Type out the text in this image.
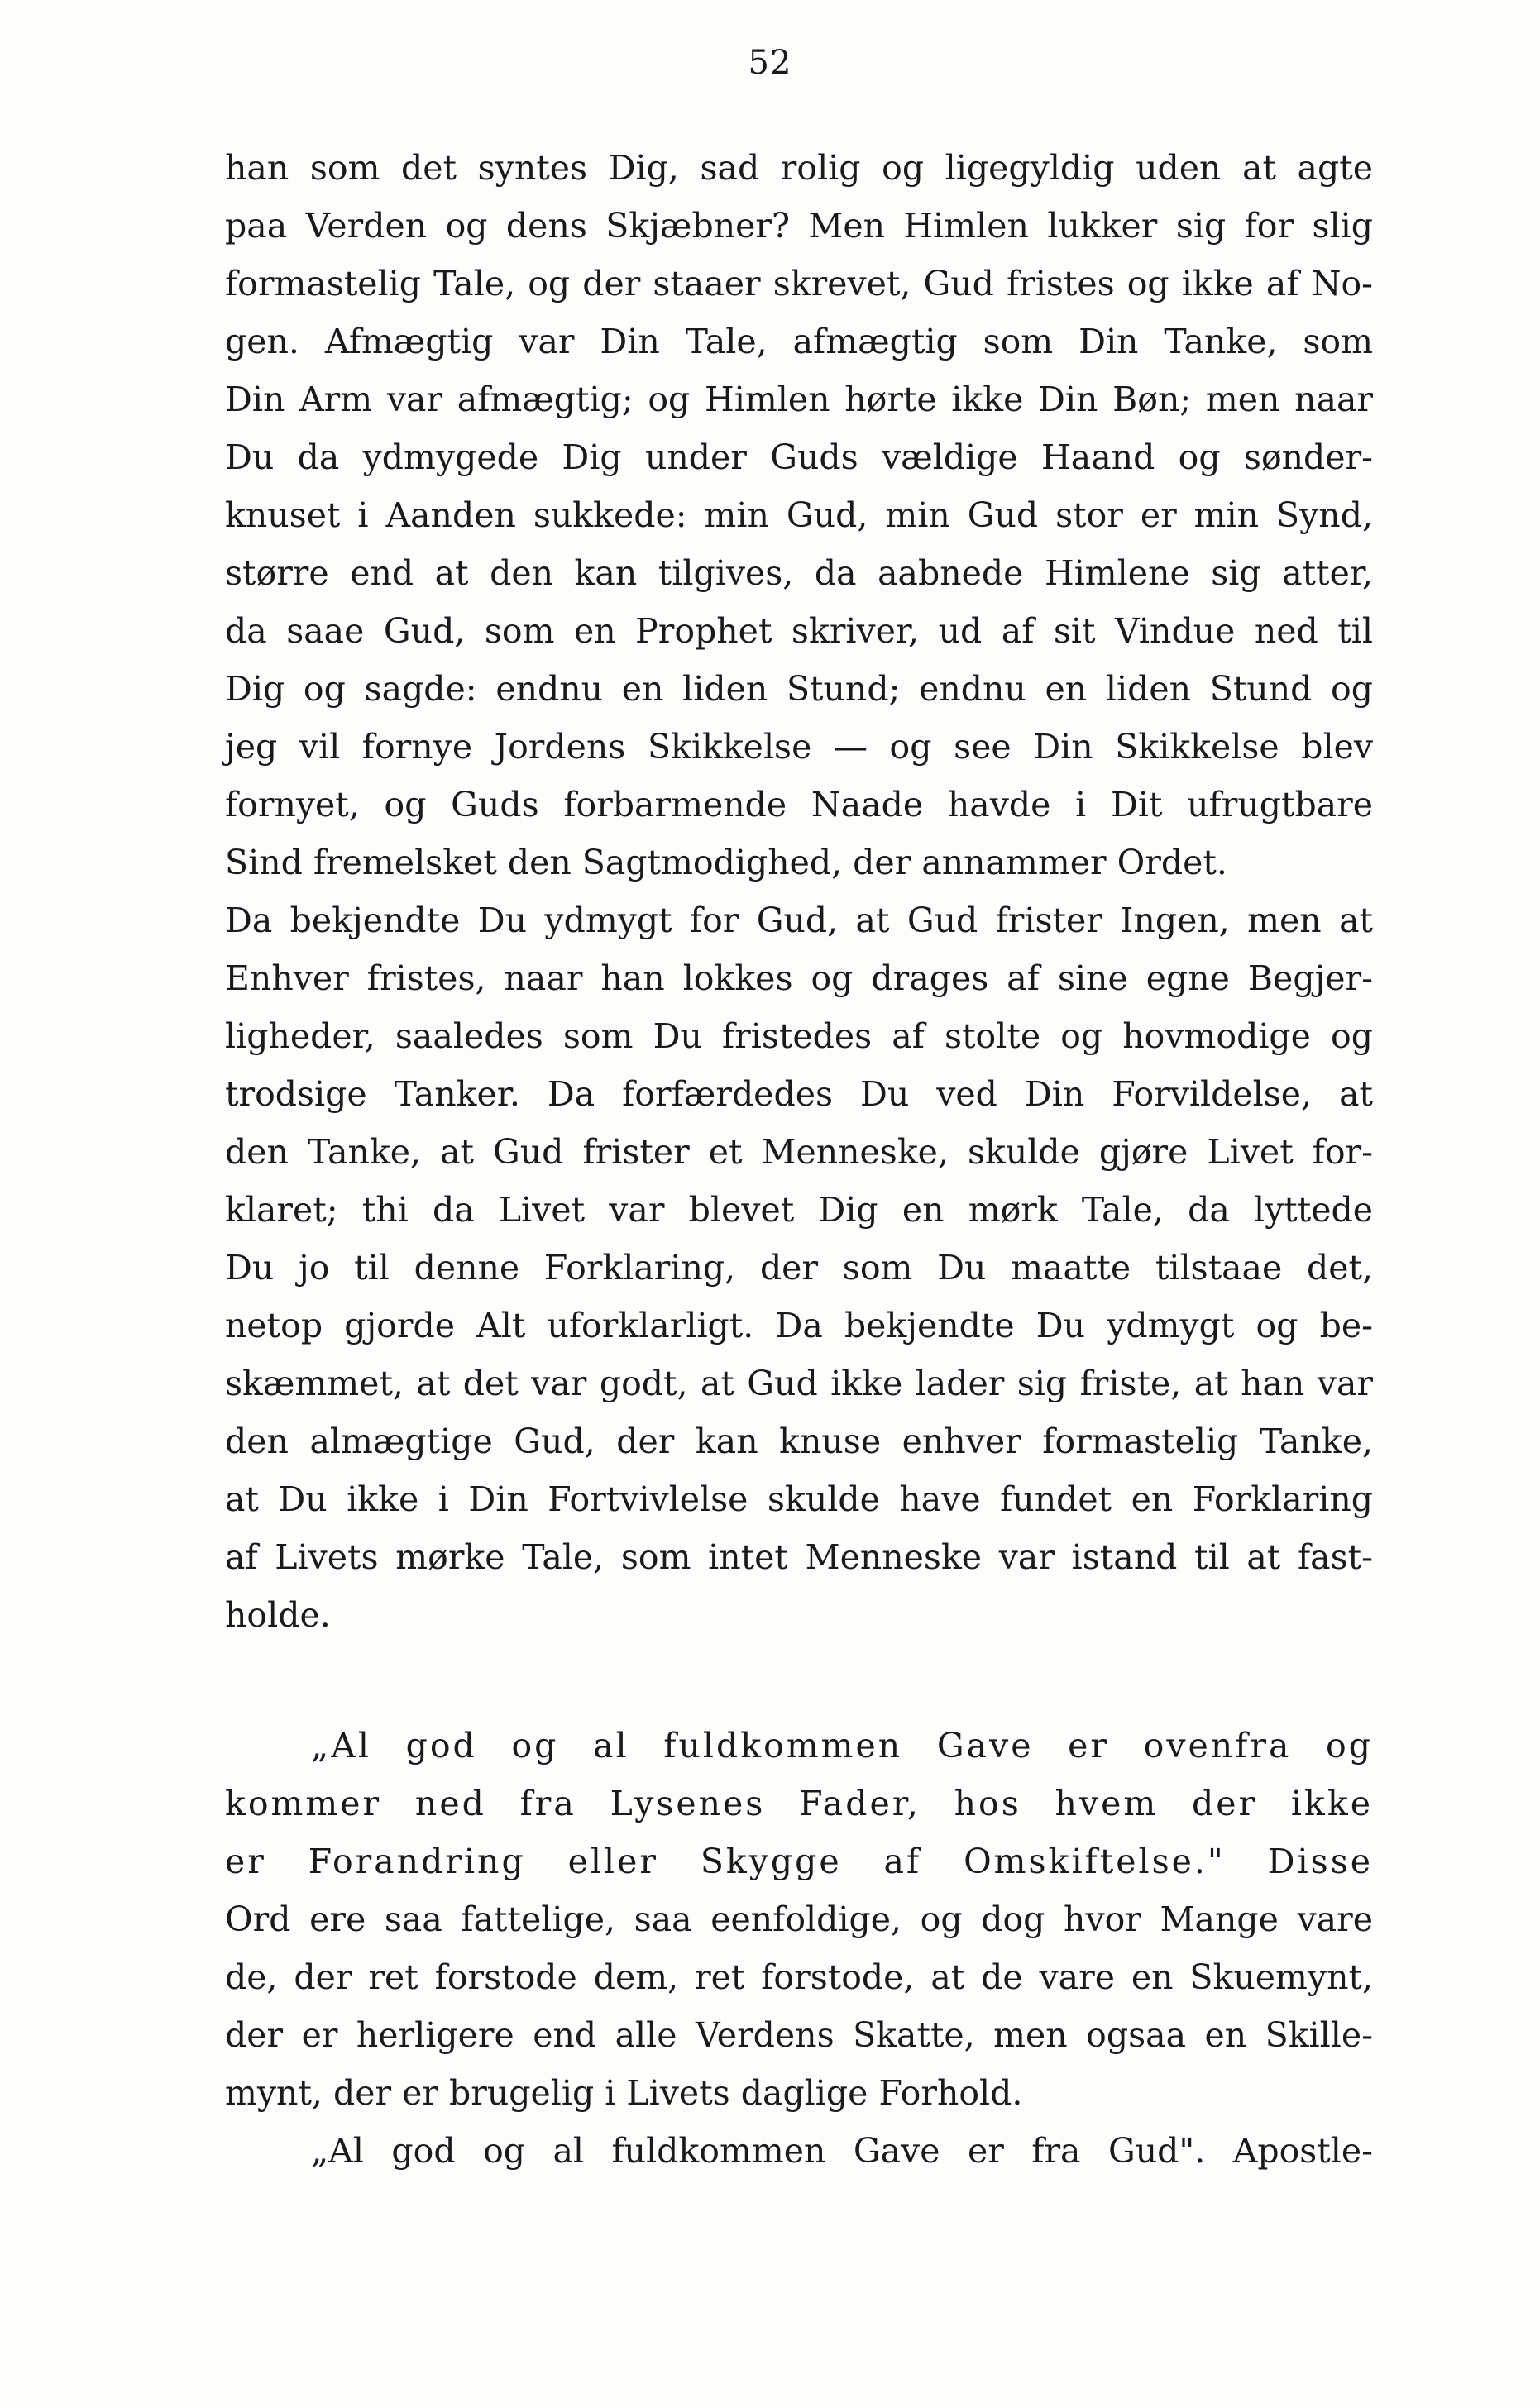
52
han som det syntes Dig, sad rolig og ligegyldig uden at agte
paa Verden og dens Skjæbner? Men Himlen lukker sig for slig
formastelig Tale, og der staaer skrevet, Gud fristes og ikke af No-
gen. Afmægtig var Din Tale, afmægtig som Din Tanke, som
Din Arm var afmægtig; og Himlen hørte ikke Din Bøn; men naar
Du da ydmygede Dig under Guds vældige Haand og sønder-
knuset i Aanden sukkede: min Gud, min Gud stor er min Synd,
større end at den kan tilgives, da aabnede Himlene sig atter,
da saae Gud, som en Prophet skriver, ud af sit Vindue ned til
Dig og sagde: endnu en liden Stund; endnu en liden Stund og
jeg vil fornye Jordens Skikkelse — og see Din Skikkelse blev
fornyet, og Guds forbarmende Naade havde i Dit ufrugtbare
Sind fremelsket den Sagtmodighed, der annammer Ordet.
Da bekjendte Du ydmygt for Gud, at Gud frister Ingen, men at
Enhver fristes, naar han lokkes og drages af sine egne Begjer-
ligheder, saaledes som Du fristedes af stolte og hovmodige og
trodsige Tanker. Da forfærdedes Du ved Din Forvildelse, at
den Tanke, at Gud frister et Menneske, skulde gjøre Livet for-
klaret; thi da Livet var blevet Dig en mørk Tale, da lyttede
Du jo til denne Forklaring, der som Du maatte tilstaae det,
netop gjorde Alt uforklarligt. Da bekjendte Du ydmygt og be-
skæmmet, at det var godt, at Gud ikke lader sig friste, at han var
den almægtige Gud, der kan knuse enhver formastelig Tanke,
at Du ikke i Din Fortvivlelse skulde have fundet en Forklaring
af Livets mørke Tale, som intet Menneske var istand til at fast-
holde.
„Al god og al fuldkommen Gave er ovenfra og
kommer ned fra Lysenes Fader, hos hvem der ikke
er Forandring eller Skygge af Omskiftelse." Disse
Ord ere saa fattelige, saa eenfoldige, og dog hvor Mange vare
de, der ret forstode dem, ret forstode, at de vare en Skuemynt,
der er herligere end alle Verdens Skatte, men ogsaa en Skille-
mynt, der er brugelig i Livets daglige Forhold.
„Al god og al fuldkommen Gave er fra Gud". Apostle-
